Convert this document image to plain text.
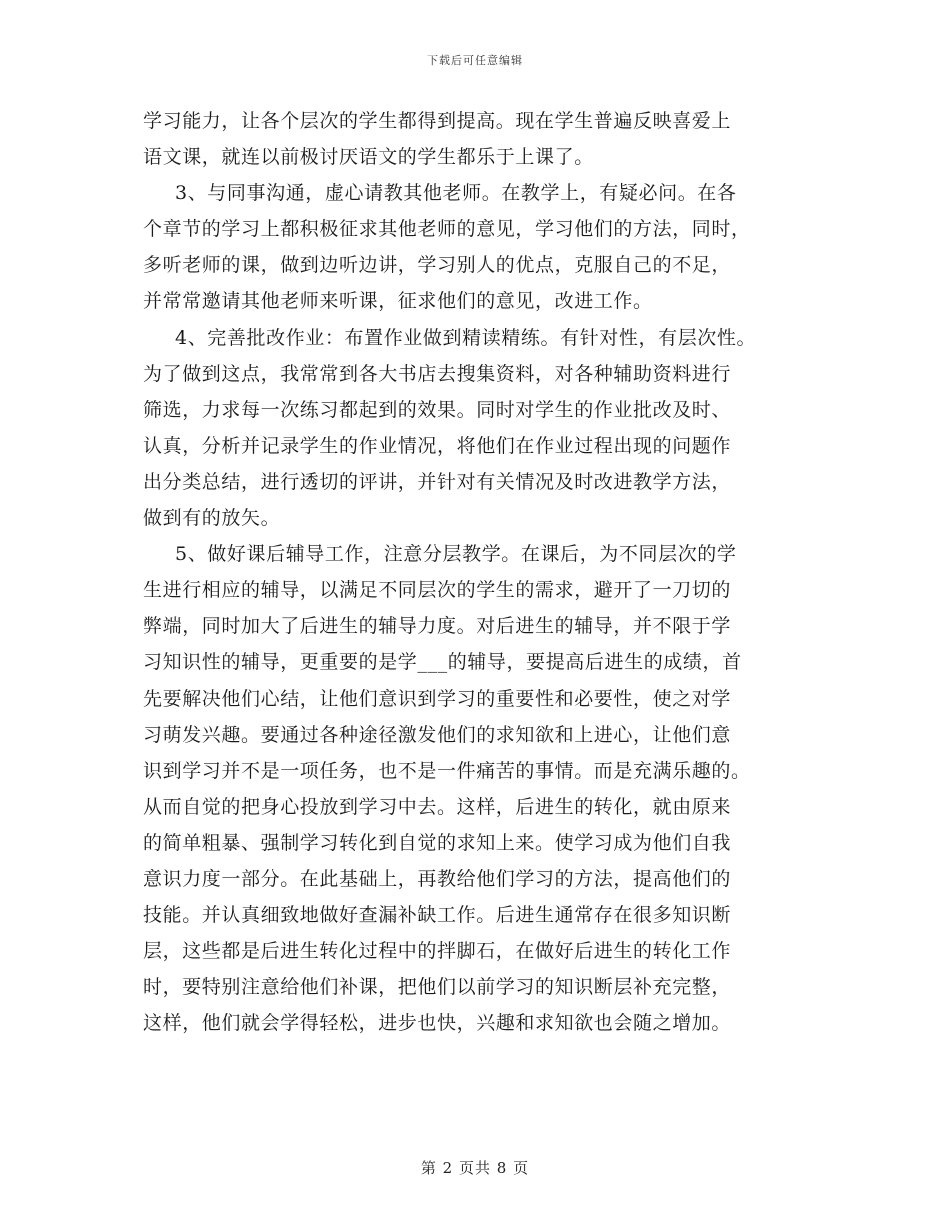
下载后可任意编辑
学习能力，让各个层次的学生都得到提高。现在学生普遍反映喜爱上
语文课，就连以前极讨厌语文的学生都乐于上课了。
3、与同事沟通，虚心请教其他老师。在教学上，有疑必问。在各
个章节的学习上都积极征求其他老师的意见，学习他们的方法，同时，
多听老师的课，做到边听边讲，学习别人的优点，克服自己的不足，
并常常邀请其他老师来听课，征求他们的意见，改进工作。
4、完善批改作业：布置作业做到精读精练。有针对性，有层次性。
为了做到这点，我常常到各大书店去搜集资料，对各种辅助资料进行
筛选，力求每一次练习都起到的效果。同时对学生的作业批改及时、
认真，分析并记录学生的作业情况，将他们在作业过程出现的问题作
出分类总结，进行透切的评讲，并针对有关情况及时改进教学方法，
做到有的放矢。
5、做好课后辅导工作，注意分层教学。在课后，为不同层次的学
生进行相应的辅导，以满足不同层次的学生的需求，避开了一刀切的
弊端，同时加大了后进生的辅导力度。对后进生的辅导，并不限于学
习知识性的辅导，更重要的是学___的辅导，要提高后进生的成绩，首
先要解决他们心结，让他们意识到学习的重要性和必要性，使之对学
习萌发兴趣。要通过各种途径激发他们的求知欲和上进心，让他们意
识到学习并不是一项任务，也不是一件痛苦的事情。而是充满乐趣的。
从而自觉的把身心投放到学习中去。这样，后进生的转化，就由原来
的简单粗暴、强制学习转化到自觉的求知上来。使学习成为他们自我
意识力度一部分。在此基础上，再教给他们学习的方法，提高他们的
技能。并认真细致地做好查漏补缺工作。后进生通常存在很多知识断
层，这些都是后进生转化过程中的拌脚石，在做好后进生的转化工作
时，要特别注意给他们补课，把他们以前学习的知识断层补充完整，
这样，他们就会学得轻松，进步也快，兴趣和求知欲也会随之增加。
第 2 页共 8 页
